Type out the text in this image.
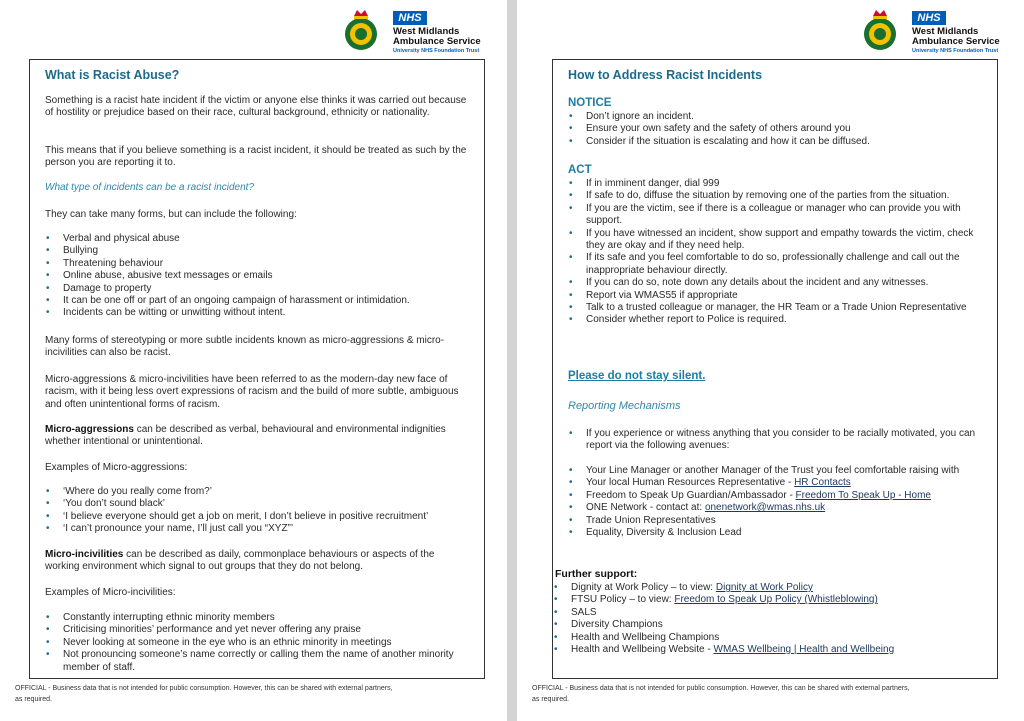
NHS
West Midlands
Ambulance Service
University NHS Foundation Trust
What is Racist Abuse?
Something is a racist hate incident if the victim or anyone else thinks it was carried out because of hostility or prejudice based on their race, cultural background, ethnicity or nationality.
This means that if you believe something is a racist incident, it should be treated as such by the person you are reporting it to.
What type of incidents can be a racist incident?
They can take many forms, but can include the following:
• Verbal and physical abuse
• Bullying
• Threatening behaviour
• Online abuse, abusive text messages or emails
• Damage to property
• It can be one off or part of an ongoing campaign of harassment or intimidation.
• Incidents can be witting or unwitting without intent.
Many forms of stereotyping or more subtle incidents known as micro-aggressions & micro-incivilities can also be racist.
Micro-aggressions & micro-incivilities have been referred to as the modern-day new face of racism, with it being less overt expressions of racism and the build of more subtle, ambiguous and often unintentional forms of racism.
Micro-aggressions can be described as verbal, behavioural and environmental indignities whether intentional or unintentional.
Examples of Micro-aggressions:
• ‘Where do you really come from?’
• ‘You don’t sound black’
• ‘I believe everyone should get a job on merit, I don’t believe in positive recruitment’
• ‘I can’t pronounce your name, I’ll just call you “XYZ”’
Micro-incivilities can be described as daily, commonplace behaviours or aspects of the working environment which signal to out groups that they do not belong.
Examples of Micro-incivilities:
• Constantly interrupting ethnic minority members
• Criticising minorities’ performance and yet never offering any praise
• Never looking at someone in the eye who is an ethnic minority in meetings
• Not pronouncing someone’s name correctly or calling them the name of another minority member of staff.
OFFICIAL - Business data that is not intended for public consumption. However, this can be shared with external partners, as required.
NHS
West Midlands
Ambulance Service
University NHS Foundation Trust
How to Address Racist Incidents
NOTICE
• Don’t ignore an incident.
• Ensure your own safety and the safety of others around you
• Consider if the situation is escalating and how it can be diffused.
ACT
• If in imminent danger, dial 999
• If safe to do, diffuse the situation by removing one of the parties from the situation.
• If you are the victim, see if there is a colleague or manager who can provide you with support.
• If you have witnessed an incident, show support and empathy towards the victim, check they are okay and if they need help.
• If its safe and you feel comfortable to do so, professionally challenge and call out the inappropriate behaviour directly.
• If you can do so, note down any details about the incident and any witnesses.
• Report via WMAS55 if appropriate
• Talk to a trusted colleague or manager, the HR Team or a Trade Union Representative
• Consider whether report to Police is required.
Please do not stay silent.
Reporting Mechanisms
• If you experience or witness anything that you consider to be racially motivated, you can report via the following avenues:
• Your Line Manager or another Manager of the Trust you feel comfortable raising with
• Your local Human Resources Representative - HR Contacts
• Freedom to Speak Up Guardian/Ambassador - Freedom To Speak Up - Home
• ONE Network - contact at: onenetwork@wmas.nhs.uk
• Trade Union Representatives
• Equality, Diversity & Inclusion Lead
Further support:
• Dignity at Work Policy – to view: Dignity at Work Policy
• FTSU Policy – to view: Freedom to Speak Up Policy (Whistleblowing)
• SALS
• Diversity Champions
• Health and Wellbeing Champions
• Health and Wellbeing Website - WMAS Wellbeing | Health and Wellbeing
OFFICIAL - Business data that is not intended for public consumption. However, this can be shared with external partners, as required.
